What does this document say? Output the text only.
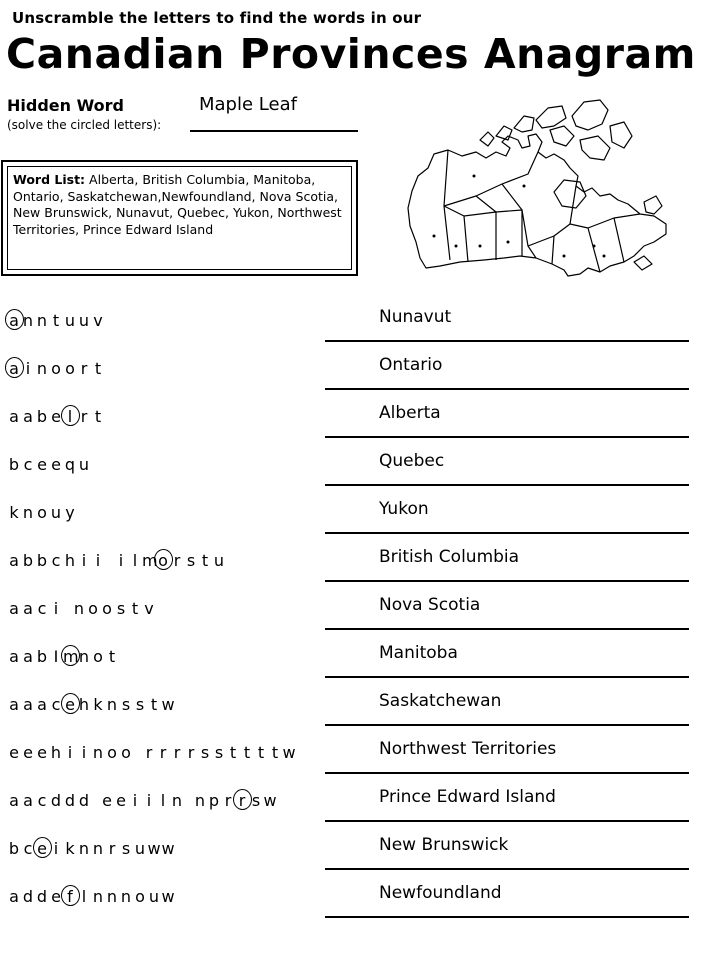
Unscramble the letters to find the words in our
Canadian Provinces Anagram
Hidden Word
(solve the circled letters):
Maple Leaf
Word List: Alberta, British Columbia, Manitoba, Ontario, Saskatchewan,Newfoundland, Nova Scotia, New Brunswick, Nunavut, Quebec, Yukon, Northwest Territories, Prince Edward Island
a n n t u u v	Nunavut
a i n o o r t	Ontario
a a b e l r t	Alberta
b c e e q u	Quebec
k n o u y	Yukon
a b b c h i i i l mo r s t u	British Columbia
a a c i n o o s t v	Nova Scotia
a a b I mn o t	Manitoba
a a a c e h k n s s t w	Saskatchewan
e e e h i i n o o r r r r s s t t t t w	Northwest Territories
a a c d d d e e i i l n n p r r s w	Prince Edward Island
b c e i k n n r s u ww	New Brunswick
a d d e f l n n n o u w	Newfoundland
